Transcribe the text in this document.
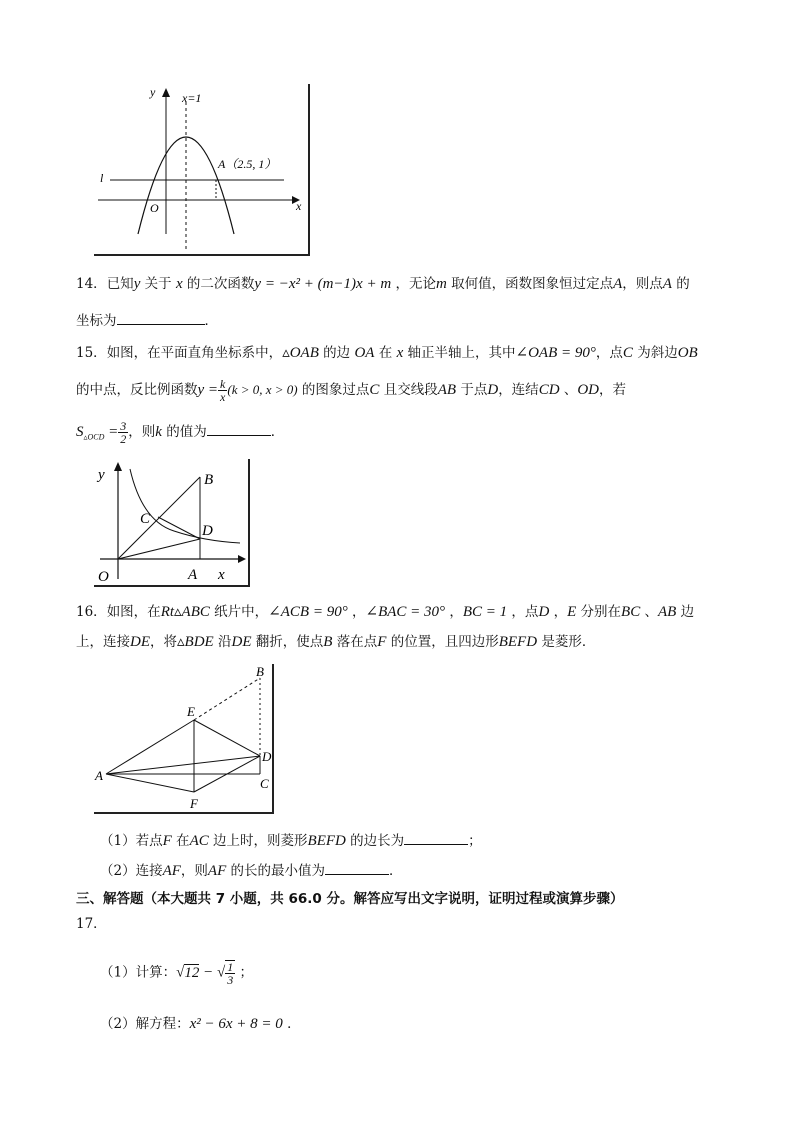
y
x
O
l
x=1
A（2.5, 1）
14．已知y 关于 x 的二次函数y = −x² + (m−1)x + m ，无论m 取何值，函数图象恒过定点A，则点A 的
坐标为	．
15．如图，在平面直角坐标系中，▵OAB 的边 OA 在 x 轴正半轴上，其中∠OAB = 90°，点C 为斜边OB
的中点，反比例函数$y = \frac{k}{x} (k > 0$, x > 0) 的图象过点C 且交线段AB 于点D，连结CD 、OD，若
$S_{▵OCD} = \frac{3}{2}$ ，则k 的值为	．
y
x
O	A
B
C
D
16．如图，在Rt▵ABC 纸片中，∠ACB = 90° ，∠BAC = 30° ，BC = 1 ，点D ，E 分别在BC 、AB 边
上，连接DE，将▵BDE 沿DE 翻折，使点B 落在点F 的位置，且四边形BEFD 是菱形．
A
B
C
D
E
F
（1）若点F 在AC 边上时，则菱形BEFD 的边长为	；
（2）连接AF，则AF 的长的最小值为	．
三、解答题（本大题共 7 小题，共 66.0 分。解答应写出文字说明，证明过程或演算步骤）
17．
（1）计算：√12 − √ $\frac{1}{3}$ ；
（2）解方程：x² − 6x + 8 = 0 ．
